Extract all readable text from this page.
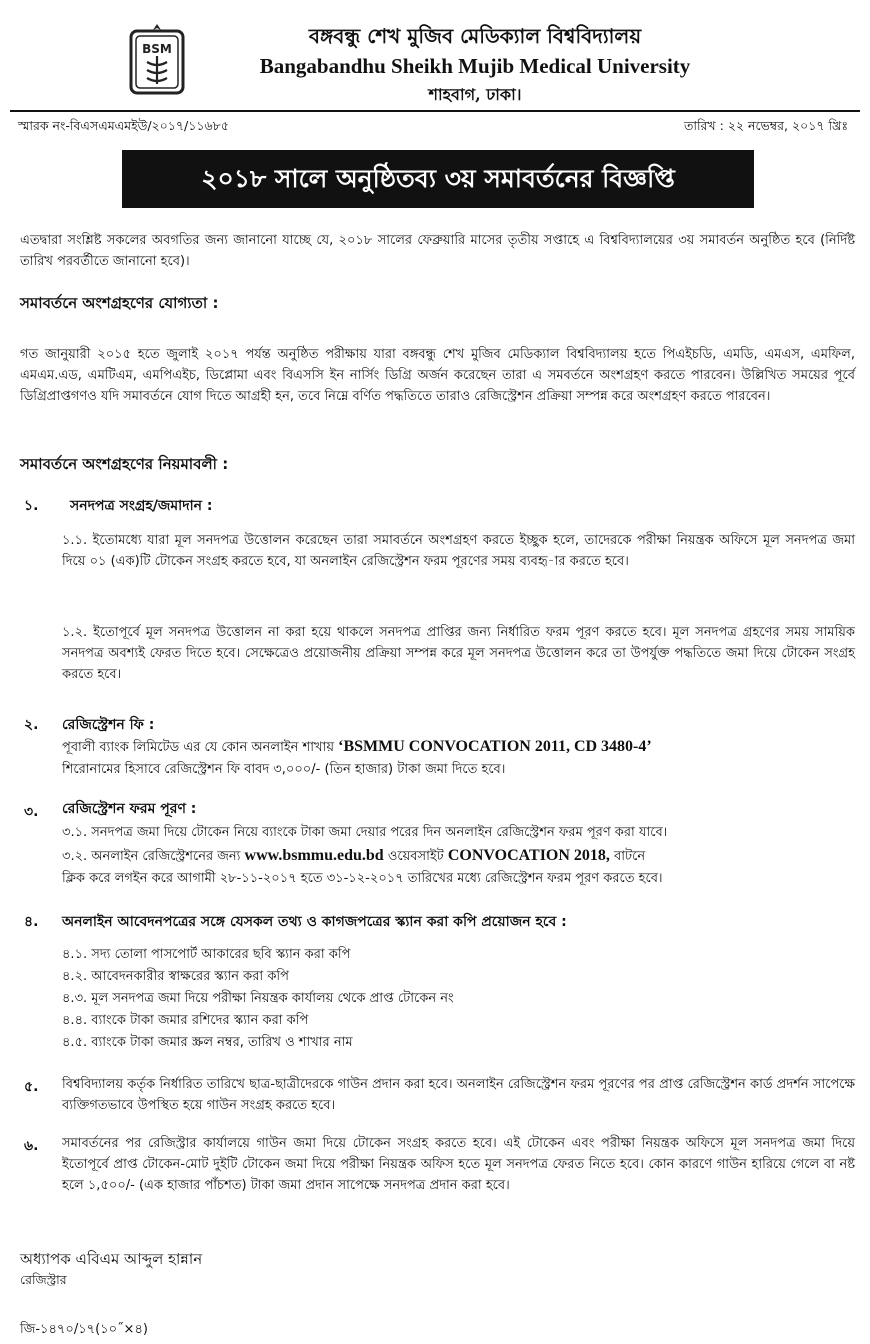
BSM
বঙ্গবন্ধু শেখ মুজিব মেডিক্যাল বিশ্ববিদ্যালয়
Bangabandhu Sheikh Mujib Medical University
শাহবাগ, ঢাকা।
স্মারক নং-বিএসএমএমইউ/২০১৭/১১৬৮৫	তারিখ : ২২ নভেম্বর, ২০১৭ খ্রিঃ
২০১৮ সালে অনুষ্ঠিতব্য ৩য় সমাবর্তনের বিজ্ঞপ্তি
এতদ্বারা সংশ্লিষ্ট সকলের অবগতির জন্য জানানো যাচ্ছে যে, ২০১৮ সালের ফেব্রুয়ারি মাসের তৃতীয় সপ্তাহে এ বিশ্ববিদ্যালয়ের ৩য় সমাবর্তন অনুষ্ঠিত হবে (নির্দিষ্ট তারিখ পরবর্তীতে জানানো হবে)।
সমাবর্তনে অংশগ্রহণের যোগ্যতা :
গত জানুয়ারী ২০১৫ হতে জুলাই ২০১৭ পর্যন্ত অনুষ্ঠিত পরীক্ষায় যারা বঙ্গবন্ধু শেখ মুজিব মেডিক্যাল বিশ্ববিদ্যালয় হতে পিএইচডি, এমডি, এমএস, এমফিল, এমএম.এড, এমটিএম, এমপিএইচ, ডিপ্লোমা এবং বিএসসি ইন নার্সিং ডিগ্রি অর্জন করেছেন তারা এ সমবর্তনে অংশগ্রহণ করতে পারবেন। উল্লিখিত সময়ের পূর্বে ডিগ্রিপ্রাপ্তগণও যদি সমাবর্তনে যোগ দিতে আগ্রহী হন, তবে নিম্নে বর্ণিত পদ্ধতিতে তারাও রেজিস্ট্রেশন প্রক্রিয়া সম্পন্ন করে অংশগ্রহণ করতে পারবেন।
সমাবর্তনে অংশগ্রহণের নিয়মাবলী :
১. সনদপত্র সংগ্রহ/জমাদান :
১.১. ইতোমধ্যে যারা মূল সনদপত্র উত্তোলন করেছেন তারা সমাবর্তনে অংশগ্রহণ করতে ইচ্ছুক হলে, তাদেরকে পরীক্ষা নিয়ন্ত্রক অফিসে মূল সনদপত্র জমা দিয়ে ০১ (এক)টি টোকেন সংগ্রহ করতে হবে, যা অনলাইন রেজিস্ট্রেশন ফরম পূরণের সময় ব্যবহৃ-ার করতে হবে।
১.২. ইতোপূর্বে মূল সনদপত্র উত্তোলন না করা হয়ে থাকলে সনদপত্র প্রাপ্তির জন্য নির্ধারিত ফরম পূরণ করতে হবে। মূল সনদপত্র গ্রহণের সময় সাময়িক সনদপত্র অবশ্যই ফেরত দিতে হবে। সেক্ষেত্রেও প্রয়োজনীয় প্রক্রিয়া সম্পন্ন করে মূল সনদপত্র উত্তোলন করে তা উপর্যুক্ত পদ্ধতিতে জমা দিয়ে টোকেন সংগ্রহ করতে হবে।
২. রেজিস্ট্রেশন ফি :
পূবালী ব্যাংক লিমিটেড এর যে কোন অনলাইন শাখায় ‘BSMMU CONVOCATION 2011, CD 3480-4’
শিরোনামের হিসাবে রেজিস্ট্রেশন ফি বাবদ ৩,০০০/- (তিন হাজার) টাকা জমা দিতে হবে।
৩. রেজিস্ট্রেশন ফরম পূরণ :
৩.১. সনদপত্র জমা দিয়ে টোকেন নিয়ে ব্যাংকে টাকা জমা দেয়ার পরের দিন অনলাইন রেজিস্ট্রেশন ফরম পূরণ করা যাবে।
৩.২. অনলাইন রেজিস্ট্রেশনের জন্য www.bsmmu.edu.bd ওয়েবসাইট CONVOCATION 2018, বাটনে
ক্লিক করে লগইন করে আগামী ২৮-১১-২০১৭ হতে ৩১-১২-২০১৭ তারিখের মধ্যে রেজিস্ট্রেশন ফরম পূরণ করতে হবে।
৪. অনলাইন আবেদনপত্রের সঙ্গে যেসকল তথ্য ও কাগজপত্রের স্ক্যান করা কপি প্রয়োজন হবে :
৪.১. সদ্য তোলা পাসপোর্ট আকারের ছবি স্ক্যান করা কপি
৪.২. আবেদনকারীর স্বাক্ষরের স্ক্যান করা কপি
৪.৩. মূল সনদপত্র জমা দিয়ে পরীক্ষা নিয়ন্ত্রক কার্যালয় থেকে প্রাপ্ত টোকেন নং
৪.৪. ব্যাংকে টাকা জমার রশিদের স্ক্যান করা কপি
৪.৫. ব্যাংকে টাকা জমার স্ক্রল নম্বর, তারিখ ও শাখার নাম
৫. বিশ্ববিদ্যালয় কর্তৃক নির্ধারিত তারিখে ছাত্র-ছাত্রীদেরকে গাউন প্রদান করা হবে। অনলাইন রেজিস্ট্রেশন ফরম পূরণের পর প্রাপ্ত রেজিস্ট্রেশন কার্ড প্রদর্শন সাপেক্ষে ব্যক্তিগতভাবে উপস্থিত হয়ে গাউন সংগ্রহ করতে হবে।
৬. সমাবর্তনের পর রেজিস্ট্রার কার্যালয়ে গাউন জমা দিয়ে টোকেন সংগ্রহ করতে হবে। এই টোকেন এবং পরীক্ষা নিয়ন্ত্রক অফিসে মূল সনদপত্র জমা দিয়ে ইতোপূর্বে প্রাপ্ত টোকেন-মোট দুইটি টোকেন জমা দিয়ে পরীক্ষা নিয়ন্ত্রক অফিস হতে মূল সনদপত্র ফেরত নিতে হবে। কোন কারণে গাউন হারিয়ে গেলে বা নষ্ট হলে ১,৫০০/- (এক হাজার পাঁচশত) টাকা জমা প্রদান সাপেক্ষে সনদপত্র প্রদান করা হবে।
অধ্যাপক এবিএম আব্দুল হান্নান
রেজিস্ট্রার
জি-১৪৭০/১৭(১০˝×৪)
